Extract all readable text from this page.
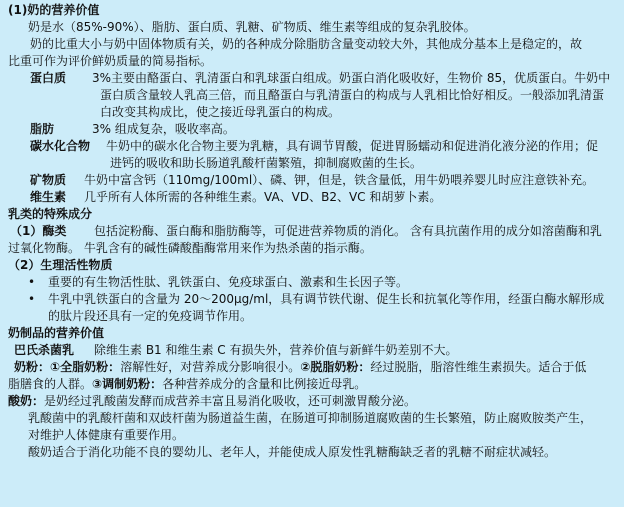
(1)奶的营养价值

奶是水（85%-90%）、脂肪、蛋白质、乳糖、矿物质、维生素等组成的复杂乳胶体。

奶的比重大小与奶中固体物质有关，奶的各种成分除脂肪含量变动较大外，其他成分基本上是稳定的，故

比重可作为评价鲜奶质量的简易指标。

蛋白质 3%主要由酪蛋白、乳清蛋白和乳球蛋白组成。奶蛋白消化吸收好，生物价 85，优质蛋白。牛奶中

蛋白质含量较人乳高三倍，而且酪蛋白与乳清蛋白的构成与人乳相比恰好相反。一般添加乳清蛋

白改变其构成比，使之接近母乳蛋白的构成。

脂肪	3% 组成复杂，吸收率高。

碳水化合物 牛奶中的碳水化合物主要为乳糖，具有调节胃酸，促进胃肠蠕动和促进消化液分泌的作用；促

进钙的吸收和助长肠道乳酸杆菌繁殖，抑制腐败菌的生长。

矿物质 牛奶中富含钙（110mg/100ml）、磷、钾，但是，铁含量低，用牛奶喂养婴儿时应注意铁补充。

维生素 几乎所有人体所需的各种维生素。VA、VD、B2、VC 和胡萝卜素。

乳类的特殊成分

（1）酶类 包括淀粉酶、蛋白酶和脂肪酶等，可促进营养物质的消化。 含有具抗菌作用的成分如溶菌酶和乳

过氧化物酶。 牛乳含有的碱性磷酸酯酶常用来作为热杀菌的指示酶。

（2）生理活性物质

• 重要的有生物活性肽、乳铁蛋白、免疫球蛋白、激素和生长因子等。

• 牛乳中乳铁蛋白的含量为 20～200μg/ml，具有调节铁代谢、促生长和抗氧化等作用，经蛋白酶水解形成

的肽片段还具有一定的免疫调节作用。

奶制品的营养价值

巴氏杀菌乳 除维生素 B1 和维生素 C 有损失外，营养价值与新鲜牛奶差别不大。

奶粉：①全脂奶粉：溶解性好，对营养成分影响很小。②脱脂奶粉：经过脱脂，脂溶性维生素损失。适合于低

脂膳食的人群。③调制奶粉：各种营养成分的含量和比例接近母乳。

酸奶：是奶经过乳酸菌发酵而成营养丰富且易消化吸收，还可刺激胃酸分泌。

乳酸菌中的乳酸杆菌和双歧杆菌为肠道益生菌，在肠道可抑制肠道腐败菌的生长繁殖，防止腐败胺类产生，

对维护人体健康有重要作用。

酸奶适合于消化功能不良的婴幼儿、老年人，并能使成人原发性乳糖酶缺乏者的乳糖不耐症状减轻。
